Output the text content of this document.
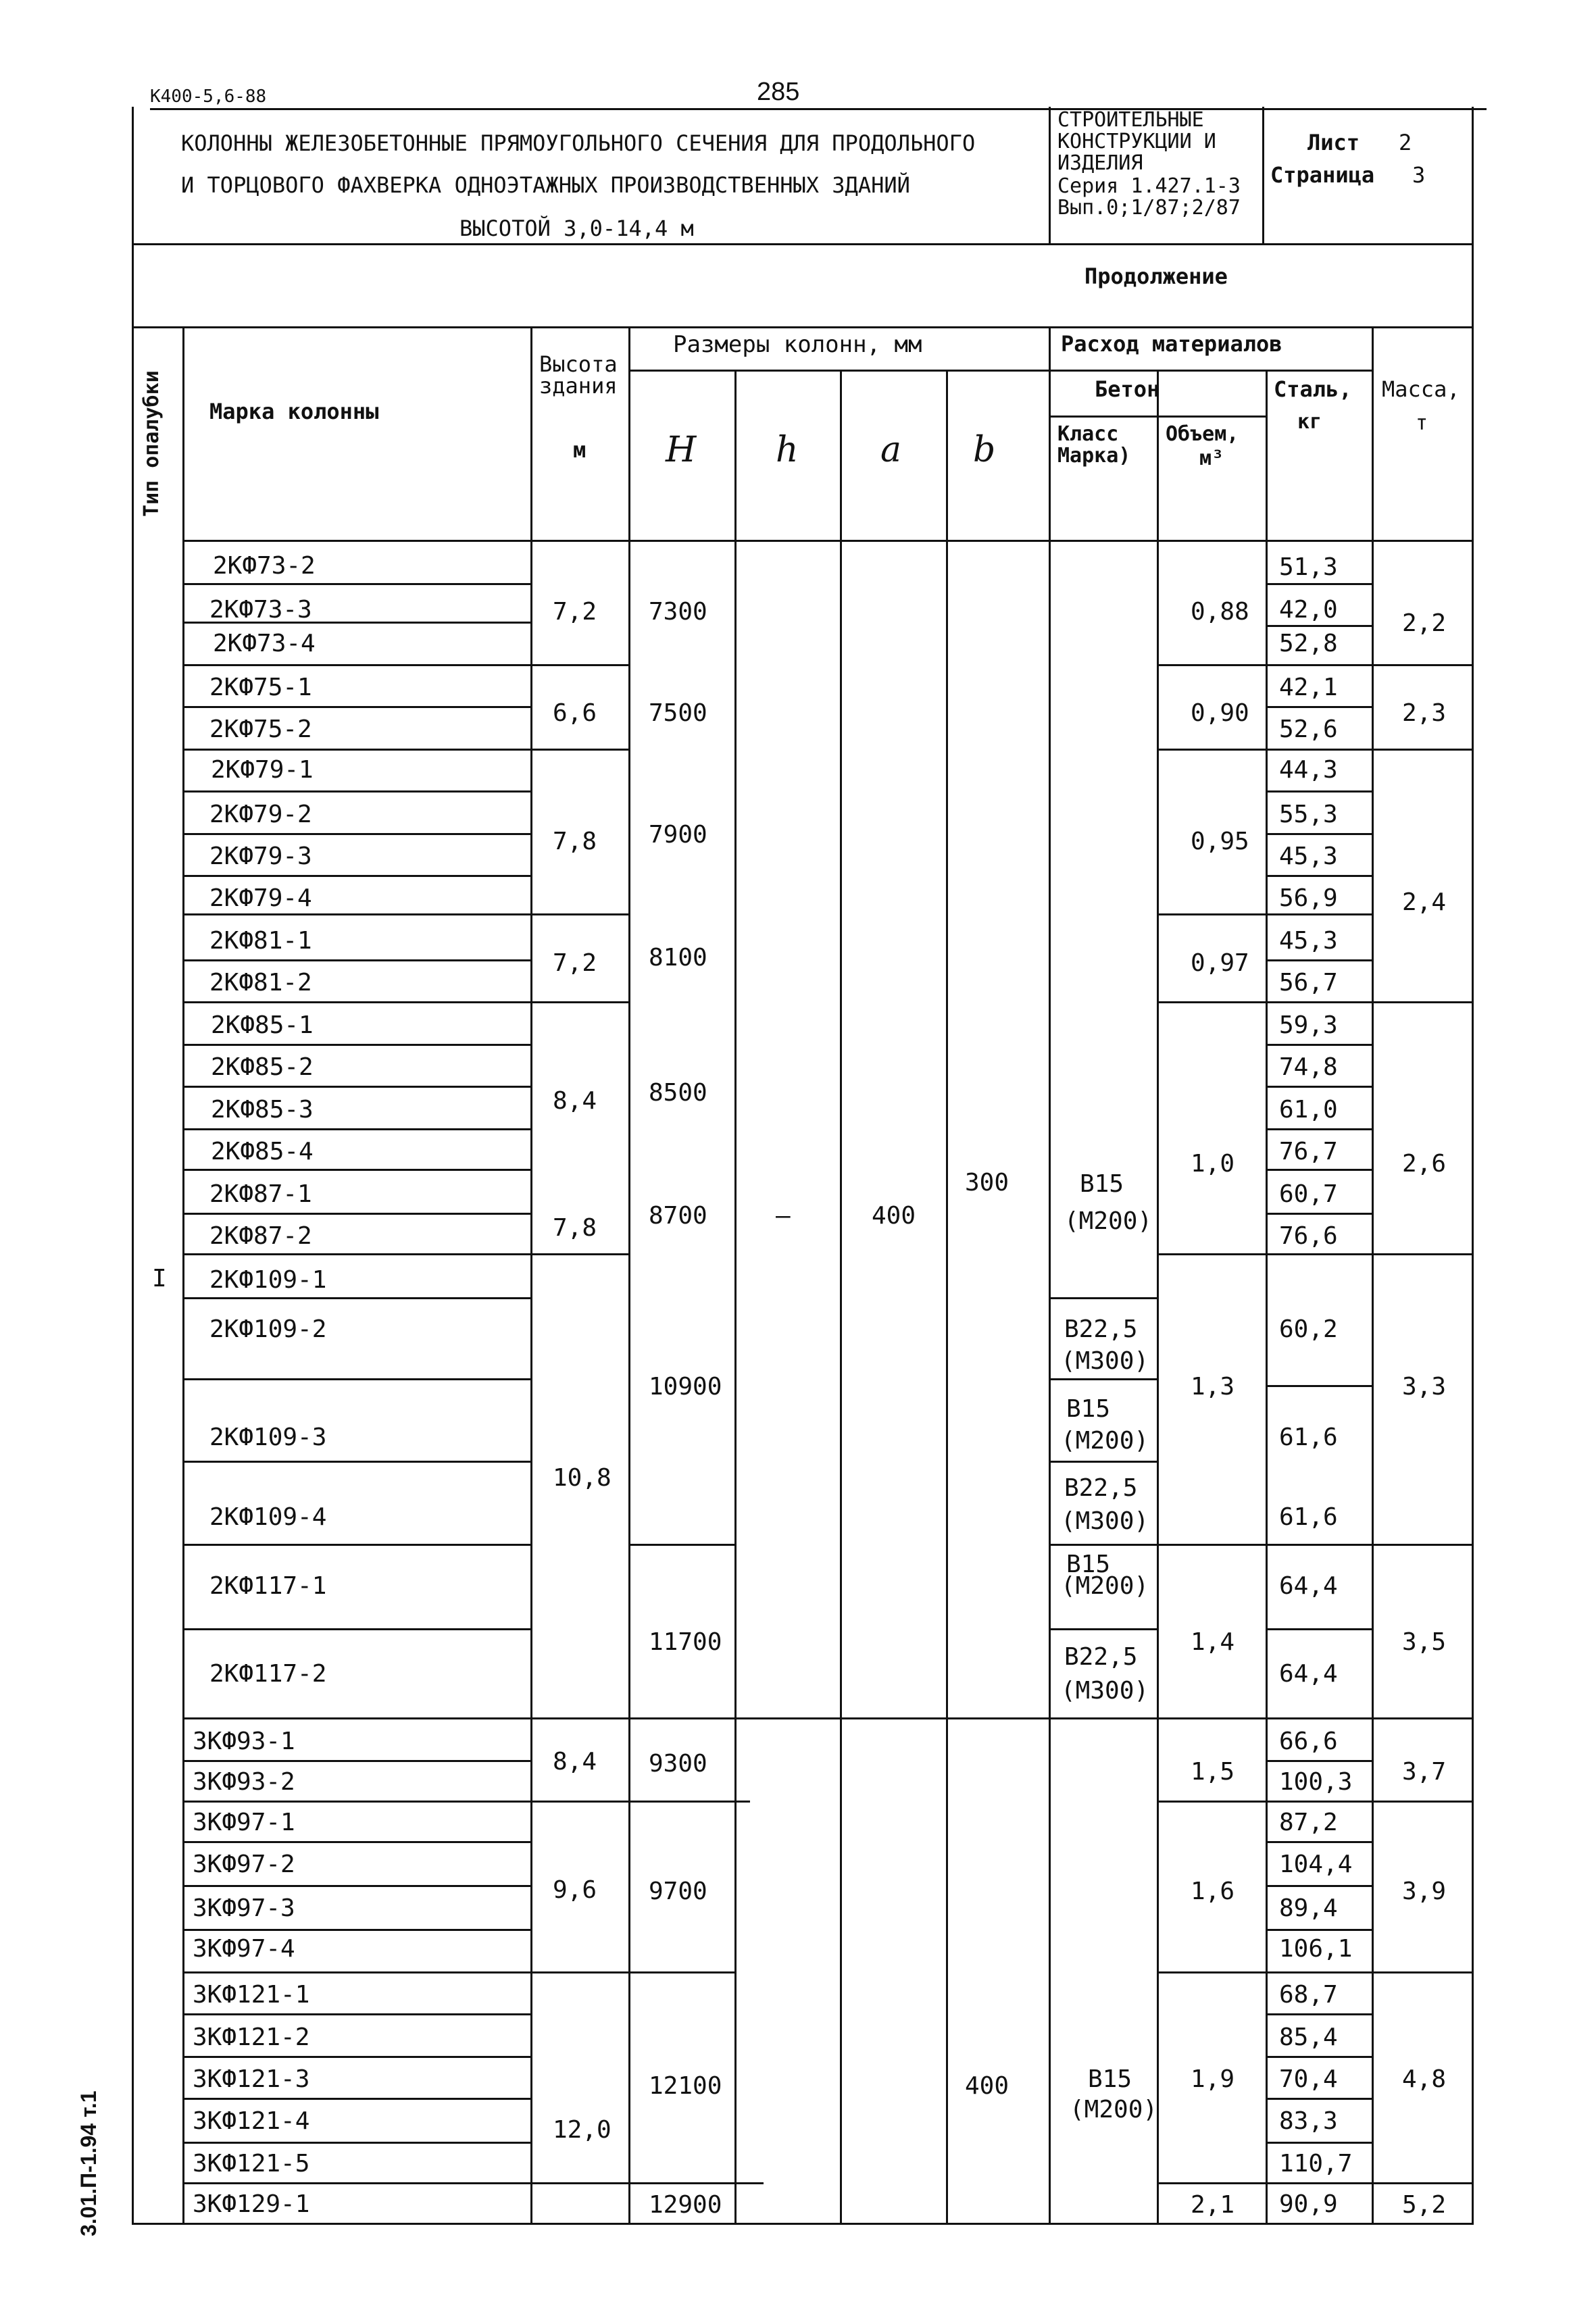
К400-5,6-88	285
КОЛОННЫ ЖЕЛЕЗОБЕТОННЫЕ ПРЯМОУГОЛЬНОГО СЕЧЕНИЯ ДЛЯ ПРОДОЛЬНОГО
И ТОРЦОВОГО ФАХВЕРКА ОДНОЭТАЖНЫХ ПРОИЗВОДСТВЕННЫХ ЗДАНИЙ
ВЫСОТОЙ 3,0-14,4 м
СТРОИТЕЛЬНЫЕ
КОНСТРУКЦИИ И
ИЗДЕЛИЯ
Серия 1.427.1-3
Вып.0;1/87;2/87
Лист 2
Страница 3
Продолжение
Тип опалубки Марка колонны
Высота
здания
м
Размеры колонн, мм
H h a b
Расход материалов
Бетон
Класс
Марка)
Объем,
м³
Сталь,
кг
Масса,
т
I
2КФ73-2
2КФ73-3
2КФ73-4
2КФ75-1
2КФ75-2
2КФ79-1
2КФ79-2
2КФ79-3
2КФ79-4
2КФ81-1
2КФ81-2
2КФ85-1
2КФ85-2
2КФ85-3
2КФ85-4
2КФ87-1
2КФ87-2
2КФ109-1
2КФ109-2
2КФ109-3
2КФ109-4
2КФ117-1
2КФ117-2
3КФ93-1
3КФ93-2
3КФ97-1
3КФ97-2
3КФ97-3
3КФ97-4
3КФ121-1
3КФ121-2
3КФ121-3
3КФ121-4
3КФ121-5
3КФ129-1
7,2
6,6
7,8
7,2
8,4
7,8
10,8
8,4
9,6
12,0
7300
7500
7900
8100
8500
8700
10900
11700
9300
9700
12100
12900
–	400
300
400
B15
(М200)
B22,5
(М300)
B15
(М200)
B22,5
(М300)
B15
(М200)
B22,5
(М300)
B15
(М200)
0,88
0,90
0,95
0,97
1,0
1,3
1,4
1,5
1,6
1,9
2,1
51,3
42,0
52,8
42,1
52,6
44,3
55,3
45,3
56,9
45,3
56,7
59,3
74,8
61,0
76,7
60,7
76,6
60,2
61,6
61,6
64,4
64,4
66,6
100,3
87,2
104,4
89,4
106,1
68,7
85,4
70,4
83,3
110,7
90,9
2,2
2,3
2,4
2,6
3,3
3,5
3,7
3,9
4,8
5,2
3.01.П-1.94 т.1
